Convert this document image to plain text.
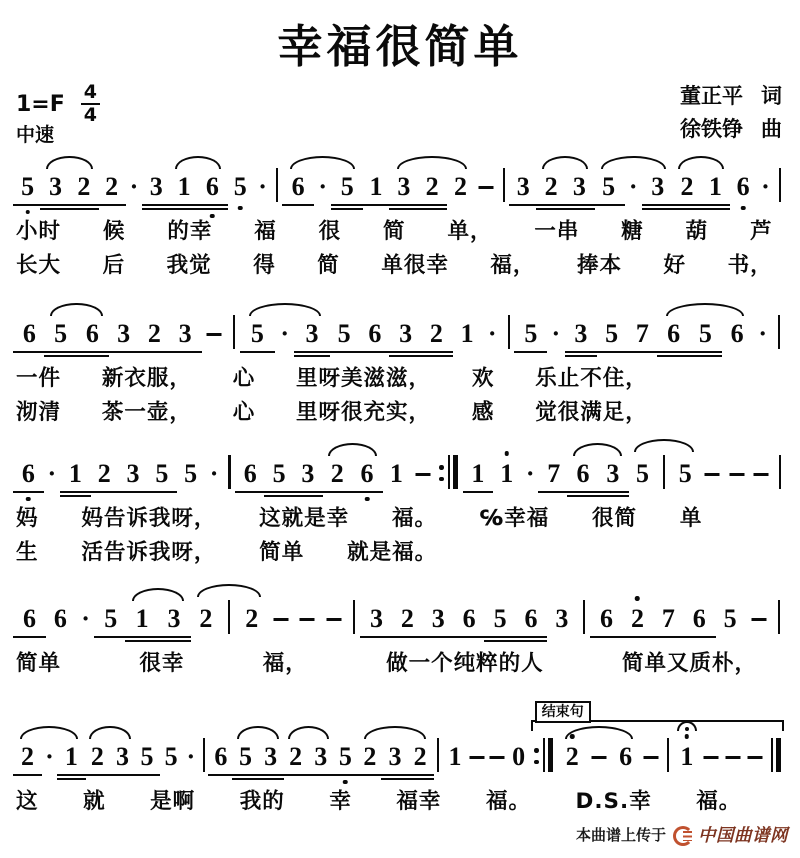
幸福很简单
$1=F \frac{4}{4}$
中速
董正平 词
徐铁铮 曲
5 3 2 2 · 3 1 6 5 · 6 · 5 1 3 2 2 3 2 3 5 · 3 2 1 6 ·
小时 候 的幸 福 很 简 单， 一串 糖 葫 芦
长大 后 我觉 得 简 单很幸 福， 捧本 好 书，
6 5 6 3 2 3	5 · 3 5 6 3 2 1 ·	5 · 3 5 7 6 5 6 ·
一件 新衣服， 心 里呀美滋滋， 欢 乐止不住，
沏清 茶一壶， 心 里呀很充实， 感 觉很满足，
6 · 1 2 3 5 5 · 6 5 3 2 6 1	1 1 · 7 6 3 5	5
妈 妈告诉我呀， 这就是幸 福。 ℅幸福 很简 单
生 活告诉我呀， 简单 就是福。
6 6 · 5 1 3 2	2	3 2 3 6 5 6 3	6 2 7 6 5
简单	很幸	福，	做一个纯粹的人	简单又质朴，
2 · 1 2 3 5 5 · 6 5 3 2 3 5 2 3 2 1 0
结束句
2	6	1
这 就 是啊 我的 幸 福幸 福。 D.S.幸 福。
本曲谱上传于 中国曲谱网
